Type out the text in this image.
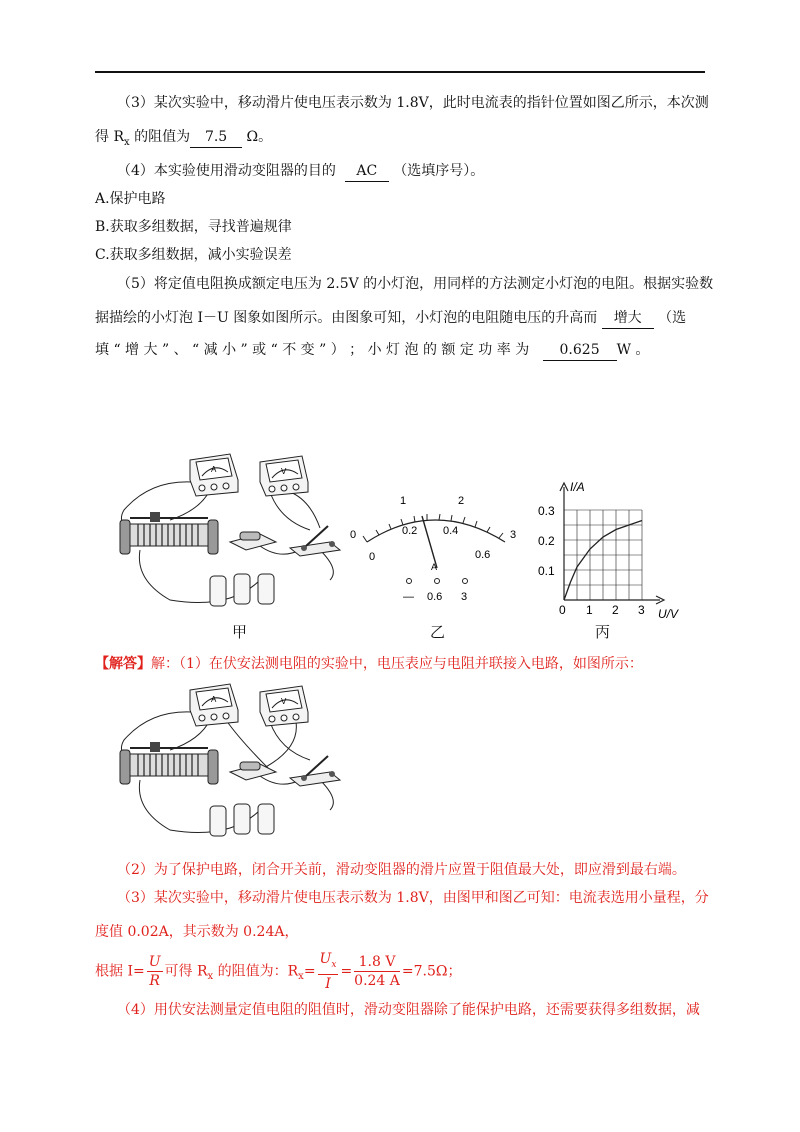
（3）某次实验中，移动滑片使电压表示数为 1.8V，此时电流表的指针位置如图乙所示，本次测
得 $R_x$ 的阻值为 7.5 Ω。
（4）本实验使用滑动变阻器的目的 AC （选填序号）。
A.保护电路
B.获取多组数据，寻找普遍规律
C.获取多组数据，减小实验误差
（5）将定值电阻换成额定电压为 2.5V 的小灯泡，用同样的方法测定小灯泡的电阻。根据实验数
据描绘的小灯泡 I－U 图象如图所示。由图象可知，小灯泡的电阻随电压的升高而 增大 （选
填 “ 增 大 ” 、 “ 减 小 ” 或 “ 不 变 ” ） ； 小 灯 泡 的 额 定 功 率 为 0.625 W 。
A	V
甲
0
1	2
3
0
0.2 0.4
0.6
A
— 0.6 3
乙
I/A
U/V
0.3
0.2
0.1
0 1 2 3
丙
【解答】解：（1）在伏安法测电阻的实验中，电压表应与电阻并联接入电路，如图所示：
A	V
（2）为了保护电路，闭合开关前，滑动变阻器的滑片应置于阻值最大处，即应滑到最右端。
（3）某次实验中，移动滑片使电压表示数为 1.8V，由图甲和图乙可知：电流表选用小量程，分
度值 0.02A，其示数为 0.24A，
根据 $I= \frac{U}{R}$ 可得 $R_x$ 的阻值为：$R_x= \frac{U_x}{I} = \frac{1.8 V}{0.24 A} =7.5\Omega$；
（4）用伏安法测量定值电阻的阻值时，滑动变阻器除了能保护电路，还需要获得多组数据，减
